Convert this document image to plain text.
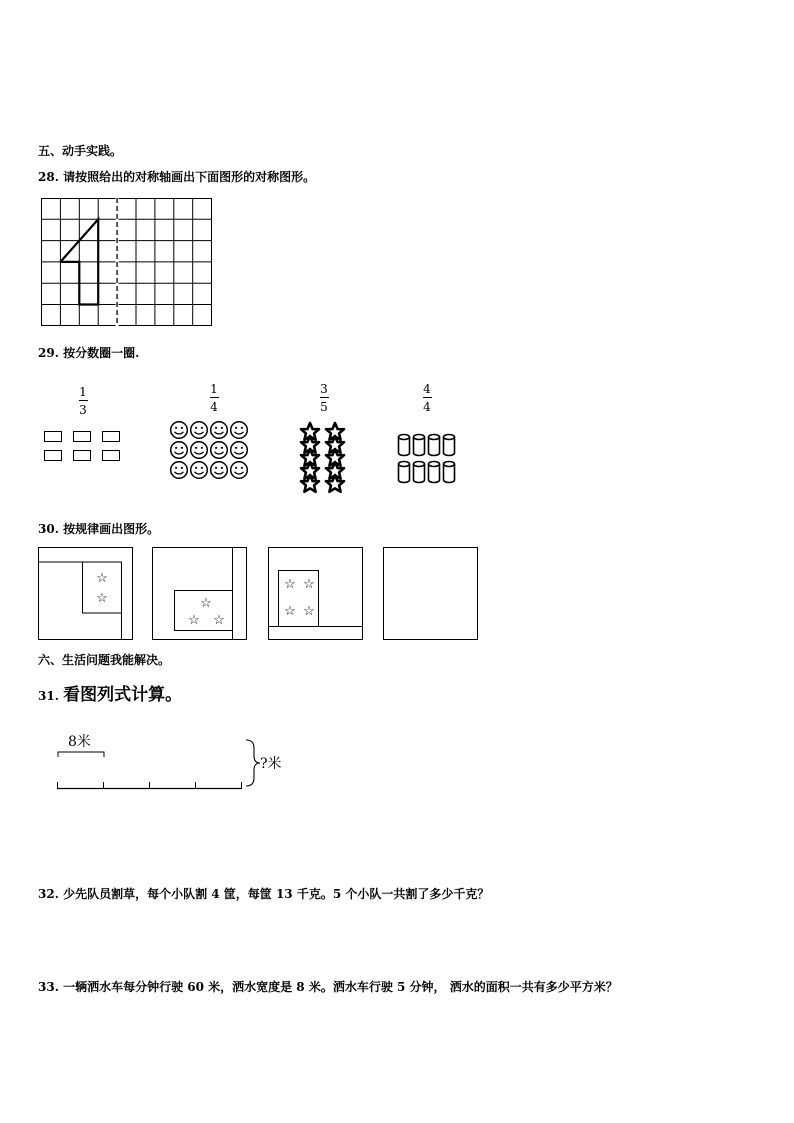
五、动手实践。
28. 请按照给出的对称轴画出下面图形的对称图形。
29. 按分数圈一圈.
1
3
1
4
3
5
4
4
30. 按规律画出图形。
☆
☆	☆
☆ ☆
☆ ☆
☆ ☆
六、生活问题我能解决。
31. 看图列式计算。
8米
?米
32. 少先队员割草，每个小队割 4 筐，每筐 13 千克。5 个小队一共割了多少千克？
33. 一辆洒水车每分钟行驶 60 米，洒水宽度是 8 米。洒水车行驶 5 分钟， 洒水的面积一共有多少平方米？
